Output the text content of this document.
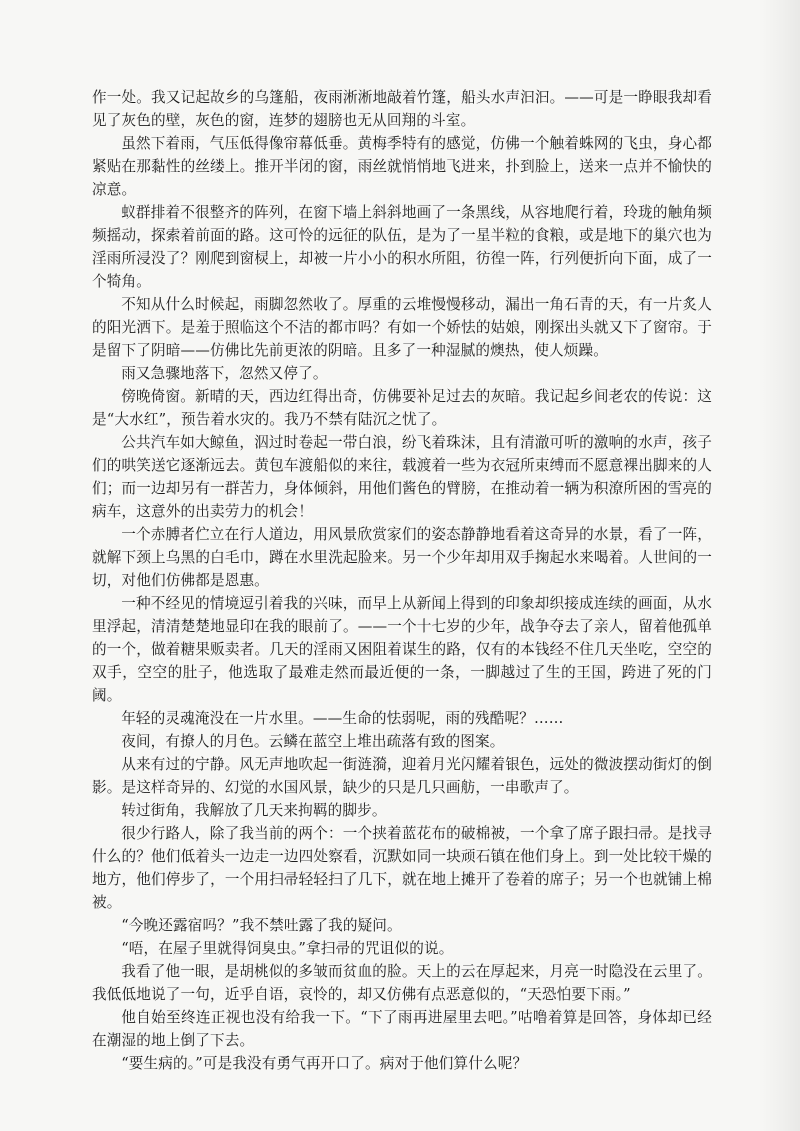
作一处。我又记起故乡的乌篷船，夜雨淅淅地敲着竹篷，船头水声汩汩。——可是一睁眼我却看见了灰色的壁，灰色的窗，连梦的翅膀也无从回翔的斗室。

虽然下着雨，气压低得像帘幕低垂。黄梅季特有的感觉，仿佛一个触着蛛网的飞虫，身心都紧贴在那黏性的丝缕上。推开半闭的窗，雨丝就悄悄地飞进来，扑到脸上，送来一点并不愉快的凉意。

蚁群排着不很整齐的阵列，在窗下墙上斜斜地画了一条黑线，从容地爬行着，玲珑的触角频频摇动，探索着前面的路。这可怜的远征的队伍，是为了一星半粒的食粮，或是地下的巢穴也为淫雨所浸没了？刚爬到窗棂上，却被一片小小的积水所阻，彷徨一阵，行列便折向下面，成了一个犄角。

不知从什么时候起，雨脚忽然收了。厚重的云堆慢慢移动，漏出一角石青的天，有一片炙人的阳光洒下。是羞于照临这个不洁的都市吗？有如一个娇怯的姑娘，刚探出头就又下了窗帘。于是留下了阴暗——仿佛比先前更浓的阴暗。且多了一种湿腻的燠热，使人烦躁。

雨又急骤地落下，忽然又停了。

傍晚倚窗。新晴的天，西边红得出奇，仿佛要补足过去的灰暗。我记起乡间老农的传说：这是“大水红”，预告着水灾的。我乃不禁有陆沉之忧了。

公共汽车如大鲸鱼，泅过时卷起一带白浪，纷飞着珠沫，且有清澈可听的激响的水声，孩子们的哄笑送它逐渐远去。黄包车渡船似的来往，载渡着一些为衣冠所束缚而不愿意裸出脚来的人们；而一边却另有一群苦力，身体倾斜，用他们酱色的臂膀，在推动着一辆为积潦所困的雪亮的病车，这意外的出卖劳力的机会！

一个赤膊者伫立在行人道边，用风景欣赏家们的姿态静静地看着这奇异的水景，看了一阵，就解下颈上乌黑的白毛巾，蹲在水里洗起脸来。另一个少年却用双手掬起水来喝着。人世间的一切，对他们仿佛都是恩惠。

一种不经见的情境逗引着我的兴味，而早上从新闻上得到的印象却织接成连续的画面，从水里浮起，清清楚楚地显印在我的眼前了。——一个十七岁的少年，战争夺去了亲人，留着他孤单的一个，做着糖果贩卖者。几天的淫雨又困阻着谋生的路，仅有的本钱经不住几天坐吃，空空的双手，空空的肚子，他选取了最难走然而最近便的一条，一脚越过了生的王国，跨进了死的门阈。

年轻的灵魂淹没在一片水里。——生命的怯弱呢，雨的残酷呢？……

夜间，有撩人的月色。云鳞在蓝空上堆出疏落有致的图案。

从来有过的宁静。风无声地吹起一街涟漪，迎着月光闪耀着银色，远处的微波摆动街灯的倒影。是这样奇异的、幻觉的水国风景，缺少的只是几只画舫，一串歌声了。

转过街角，我解放了几天来拘羁的脚步。

很少行路人，除了我当前的两个：一个挟着蓝花布的破棉被，一个拿了席子跟扫帚。是找寻什么的？他们低着头一边走一边四处察看，沉默如同一块顽石镇在他们身上。到一处比较干燥的地方，他们停步了，一个用扫帚轻轻扫了几下，就在地上摊开了卷着的席子；另一个也就铺上棉被。

“今晚还露宿吗？”我不禁吐露了我的疑问。

“唔，在屋子里就得饲臭虫。”拿扫帚的咒诅似的说。

我看了他一眼，是胡桃似的多皱而贫血的脸。天上的云在厚起来，月亮一时隐没在云里了。我低低地说了一句，近乎自语，哀怜的，却又仿佛有点恶意似的，“天恐怕要下雨。”

他自始至终连正视也没有给我一下。“下了雨再进屋里去吧。”咕噜着算是回答，身体却已经在潮湿的地上倒了下去。

“要生病的。”可是我没有勇气再开口了。病对于他们算什么呢？
